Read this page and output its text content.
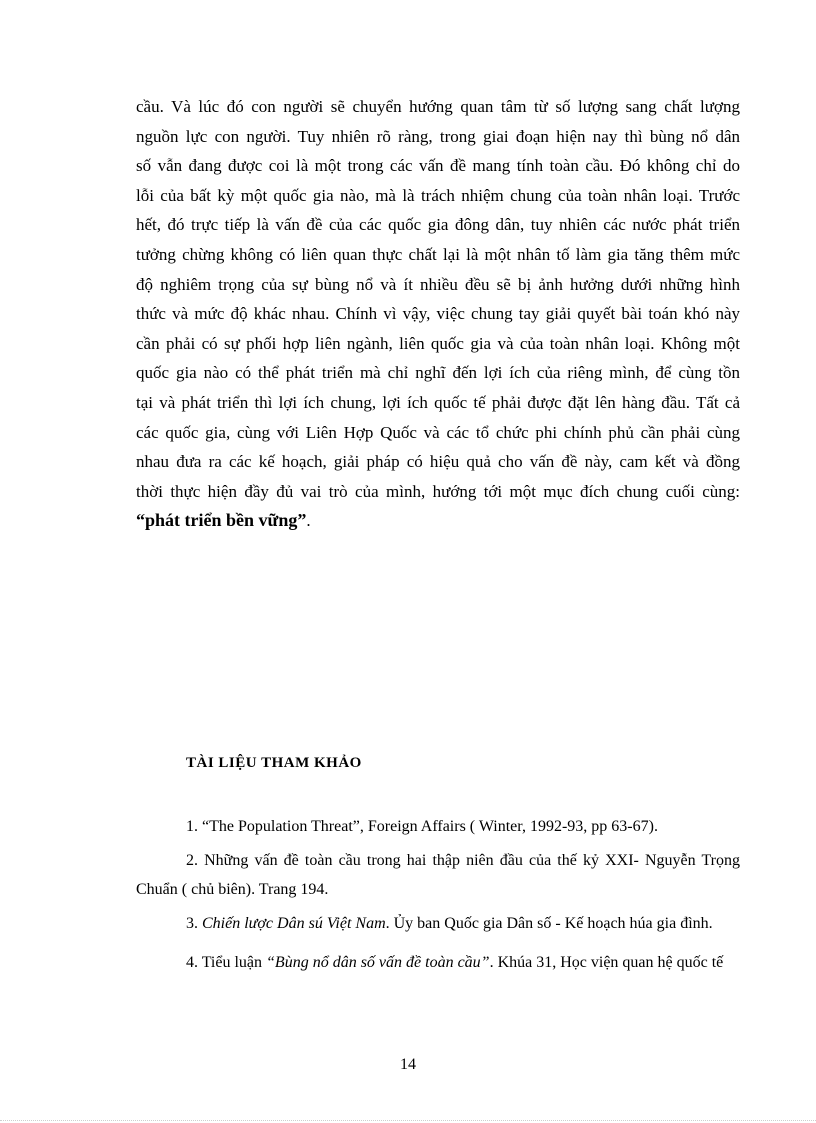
cầu. Và lúc đó con người sẽ chuyển hướng quan tâm từ số lượng sang chất lượng
nguồn lực con người. Tuy nhiên rõ ràng, trong giai đoạn hiện nay thì bùng nổ dân
số vẫn đang được coi là một trong các vấn đề mang tính toàn cầu. Đó không chỉ do
lỗi của bất kỳ một quốc gia nào, mà là trách nhiệm chung của toàn nhân loại. Trước
hết, đó trực tiếp là vấn đề của các quốc gia đông dân, tuy nhiên các nước phát triển
tưởng chừng không có liên quan thực chất lại là một nhân tố làm gia tăng thêm mức
độ nghiêm trọng của sự bùng nổ và ít nhiều đều sẽ bị ảnh hưởng dưới những hình
thức và mức độ khác nhau. Chính vì vậy, việc chung tay giải quyết bài toán khó này
cần phải có sự phối hợp liên ngành, liên quốc gia và của toàn nhân loại. Không một
quốc gia nào có thể phát triển mà chỉ nghĩ đến lợi ích của riêng mình, để cùng tồn
tại và phát triển thì lợi ích chung, lợi ích quốc tế phải được đặt lên hàng đầu. Tất cả
các quốc gia, cùng với Liên Hợp Quốc và các tổ chức phi chính phủ cần phải cùng
nhau đưa ra các kế hoạch, giải pháp có hiệu quả cho vấn đề này, cam kết và đồng
thời thực hiện đầy đủ vai trò của mình, hướng tới một mục đích chung cuối cùng:
“phát triển bền vững”.
TÀI LIỆU THAM KHẢO

1. “The Population Threat”, Foreign Affairs ( Winter, 1992-93, pp 63-67).

2. Những vấn đề toàn cầu trong hai thập niên đầu của thế kỷ XXI- Nguyễn Trọng Chuẩn ( chủ biên). Trang 194.

3. Chiến lược Dân sú Việt Nam. Ủy ban Quốc gia Dân số - Kế hoạch húa gia đình.

4. Tiểu luận “Bùng nổ dân số vấn đề toàn cầu”. Khúa 31, Học viện quan hệ quốc tế

14
